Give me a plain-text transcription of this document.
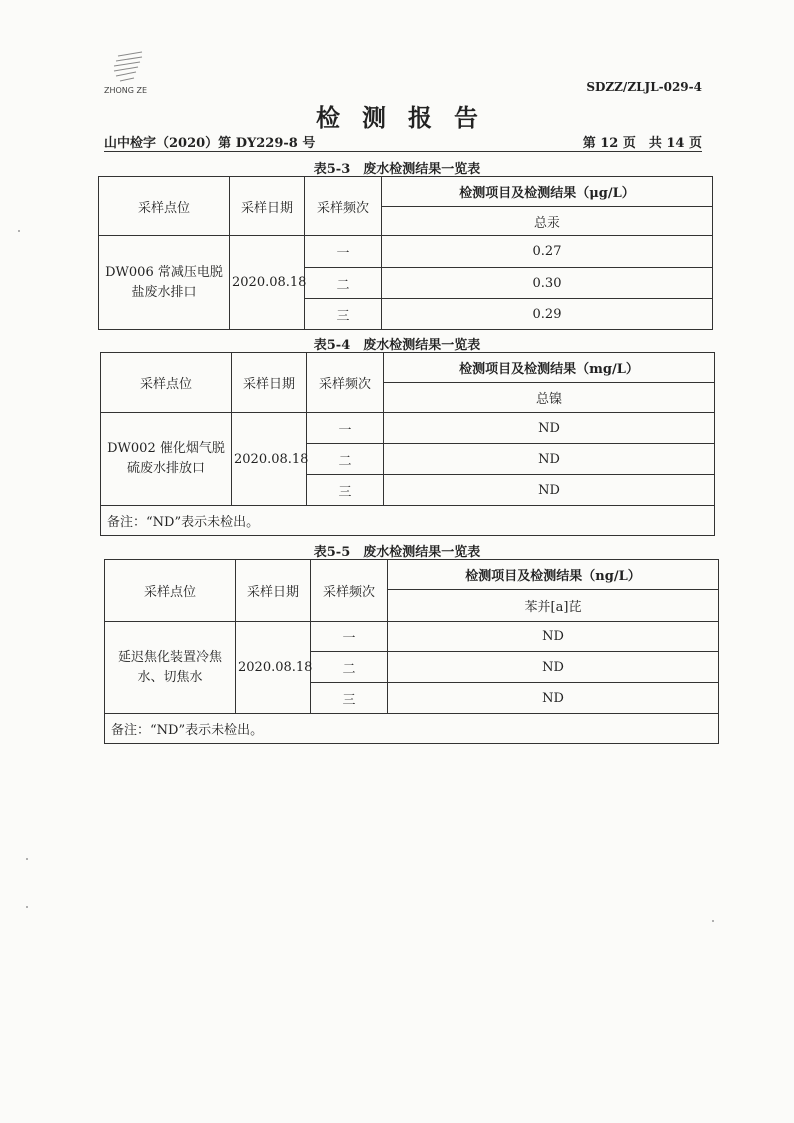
ZHONG ZE	SDZZ/ZLJL-029-4
检测报告
山中检字（2020）第 DY229-8 号	第 12 页　共 14 页
表5-3　废水检测结果一览表
采样点位	采样日期	采样频次	检测项目及检测结果（μg/L）
			总汞
DW006 常减压电脱盐废水排口	2020.08.18	一	0.27
		二	0.30
		三	0.29
表5-4　废水检测结果一览表
采样点位	采样日期	采样频次	检测项目及检测结果（mg/L）
			总镍
DW002 催化烟气脱硫废水排放口	2020.08.18	一	ND
		二	ND
		三	ND
备注：“ND”表示未检出。			
表5-5　废水检测结果一览表
采样点位	采样日期	采样频次	检测项目及检测结果（ng/L）
			苯并[a]芘
延迟焦化装置冷焦水、切焦水	2020.08.18	一	ND
		二	ND
		三	ND
备注：“ND”表示未检出。			
